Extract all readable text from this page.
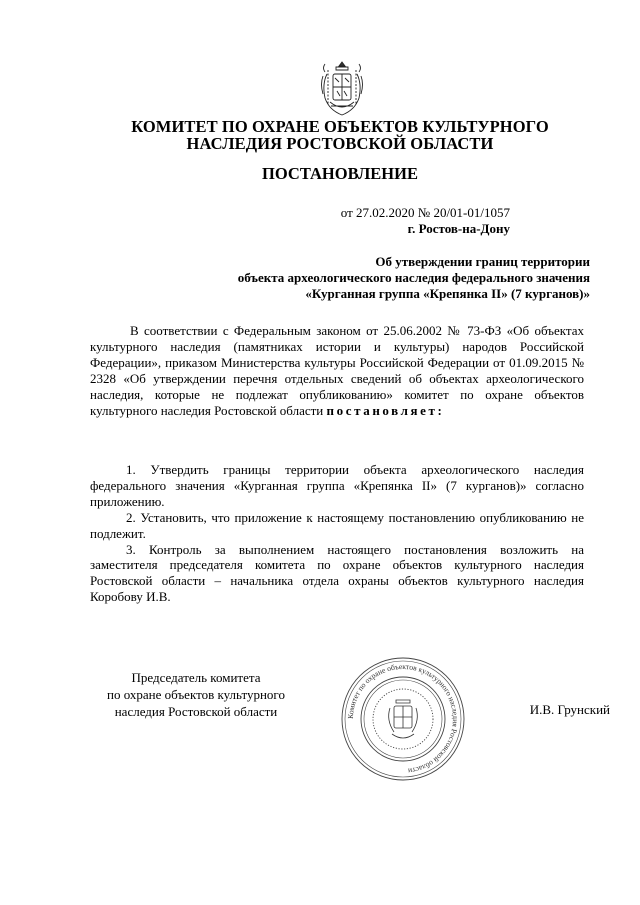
КОМИТЕТ ПО ОХРАНЕ ОБЪЕКТОВ КУЛЬТУРНОГО
НАСЛЕДИЯ РОСТОВСКОЙ ОБЛАСТИ
ПОСТАНОВЛЕНИЕ
от 27.02.2020 № 20/01-01/1057
г. Ростов-на-Дону
Об утверждении границ территории
объекта археологического наследия федерального значения
«Курганная группа «Крепянка II» (7 курганов)»

В соответствии с Федеральным законом от 25.06.2002 № 73-ФЗ «Об объектах культурного наследия (памятниках истории и культуры) народов Российской Федерации», приказом Министерства культуры Российской Федерации от 01.09.2015 № 2328 «Об утверждении перечня отдельных сведений об объектах археологического наследия, которые не подлежат опубликованию» комитет по охране объектов культурного наследия Ростовской области постановляет:

1. Утвердить границы территории объекта археологического наследия федерального значения «Курганная группа «Крепянка II» (7 курганов)» согласно приложению.

2. Установить, что приложение к настоящему постановлению опубликованию не подлежит.

3. Контроль за выполнением настоящего постановления возложить на заместителя председателя комитета по охране объектов культурного наследия Ростовской области – начальника отдела охраны объектов культурного наследия Коробову И.В.

Председатель комитета
по охране объектов культурного
наследия Ростовской области	Комитет по охране объектов культурного наследия Ростовской области
И.В. Грунский
